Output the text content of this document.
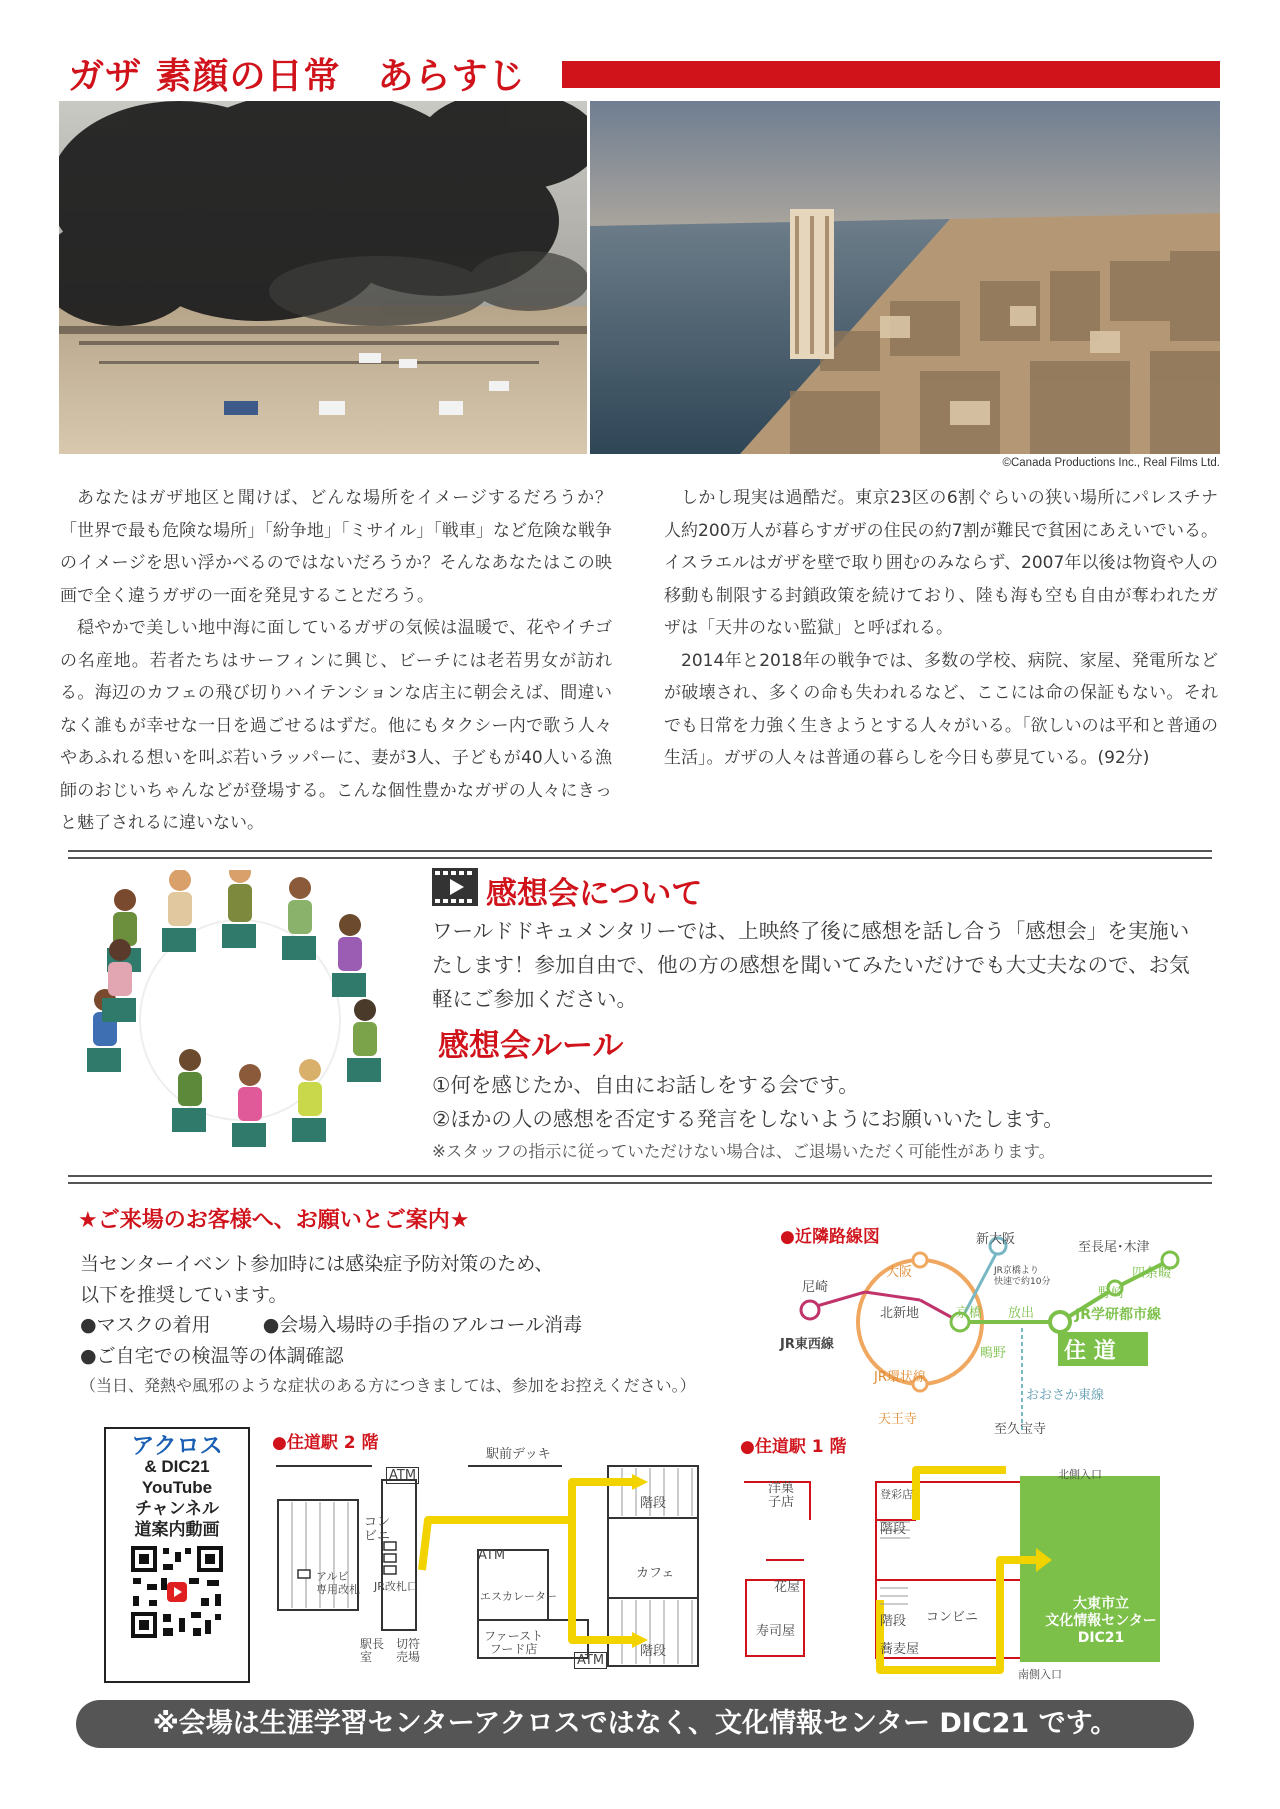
ガザ 素顔の日常　あらすじ
©Canada Productions Inc., Real Films Ltd.

あなたはガザ地区と聞けば、どんな場所をイメージするだろうか？「世界で最も危険な場所」「紛争地」「ミサイル」「戦車」など危険な戦争のイメージを思い浮かべるのではないだろうか？そんなあなたはこの映画で全く違うガザの一面を発見することだろう。

穏やかで美しい地中海に面しているガザの気候は温暖で、花やイチゴの名産地。若者たちはサーフィンに興じ、ビーチには老若男女が訪れる。海辺のカフェの飛び切りハイテンションな店主に朝会えば、間違いなく誰もが幸せな一日を過ごせるはずだ。他にもタクシー内で歌う人々やあふれる想いを叫ぶ若いラッパーに、妻が3人、子どもが40人いる漁師のおじいちゃんなどが登場する。こんな個性豊かなガザの人々にきっと魅了されるに違いない。

しかし現実は過酷だ。東京23区の6割ぐらいの狭い場所にパレスチナ人約200万人が暮らすガザの住民の約7割が難民で貧困にあえいでいる。イスラエルはガザを壁で取り囲むのみならず、2007年以後は物資や人の移動も制限する封鎖政策を続けており、陸も海も空も自由が奪われたガザは「天井のない監獄」と呼ばれる。

2014年と2018年の戦争では、多数の学校、病院、家屋、発電所などが破壊され、多くの命も失われるなど、ここには命の保証もない。それでも日常を力強く生きようとする人々がいる。「欲しいのは平和と普通の生活」。ガザの人々は普通の暮らしを今日も夢見ている。(92分)

感想会について
ワールドドキュメンタリーでは、上映終了後に感想を話し合う「感想会」を実施いたします！参加自由で、他の方の感想を聞いてみたいだけでも大丈夫なので、お気軽にご参加ください。
感想会ルール
①何を感じたか、自由にお話しをする会です。
②ほかの人の感想を否定する発言をしないようにお願いいたします。
※スタッフの指示に従っていただけない場合は、ご退場いただく可能性があります。
★ご来場のお客様へ、お願いとご案内★
当センターイベント参加時には感染症予防対策のため、
以下を推奨しています。
●マスクの着用	●会場入場時の手指のアルコール消毒
●ご自宅での検温等の体調確認
（当日、発熱や風邪のような症状のある方につきましては、参加をお控えください。）
●近隣路線図	新大阪
至長尾･木津
尼崎
大阪
北新地	京橋 放出
鴫野
野崎
四条畷
JR学研都市線
住 道
JR東西線
JR環状線
天王寺
おおさか東線
至久宝寺
JR京橋より
快速で約10分
アクロス
& DIC21
YouTube
チャンネル
道案内動画
●住道駅 2 階
駅前デッキ
ATM
コンビニ
アルビ
専用改札 JR改札口
ATM
エスカレーター
ファースト
フード店
駅長
室
切符
売場	ATM
カフェ
階段
階段
●住道駅 1 階
洋菓
子店
花屋
寿司屋
登彩店
階段
階段 コンビニ
蕎麦屋
北側入口
南側入口
大東市立
文化情報センター
DIC21
※会場は生涯学習センターアクロスではなく、文化情報センター DIC21 です。
